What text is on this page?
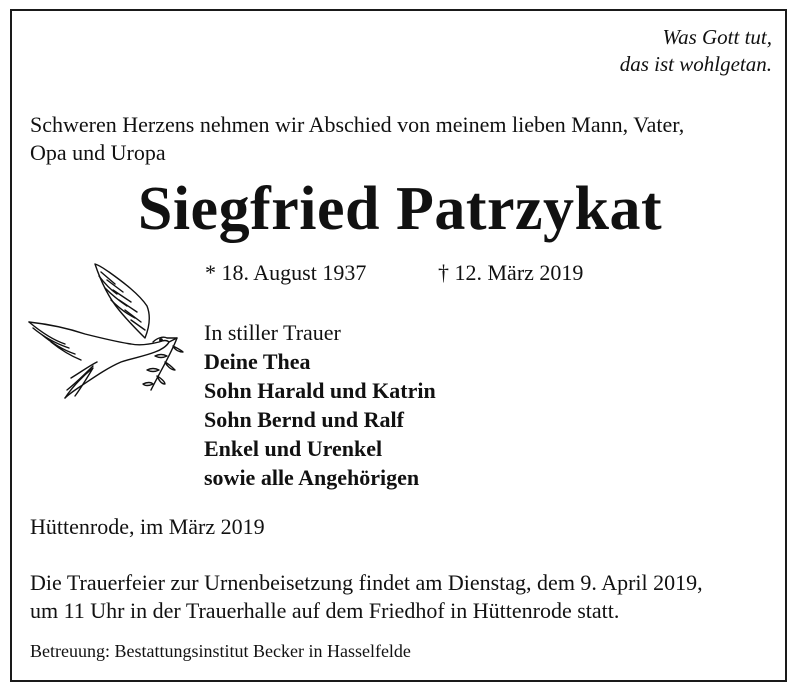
Was Gott tut,
das ist wohlgetan.
Schweren Herzens nehmen wir Abschied von meinem lieben Mann, Vater,
Opa und Uropa
Siegfried Patrzykat
* 18. August 1937	† 12. März 2019
In stiller Trauer
Deine Thea
Sohn Harald und Katrin
Sohn Bernd und Ralf
Enkel und Urenkel
sowie alle Angehörigen
Hüttenrode, im März 2019
Die Trauerfeier zur Urnenbeisetzung findet am Dienstag, dem 9. April 2019,
um 11 Uhr in der Trauerhalle auf dem Friedhof in Hüttenrode statt.
Betreuung: Bestattungsinstitut Becker in Hasselfelde
